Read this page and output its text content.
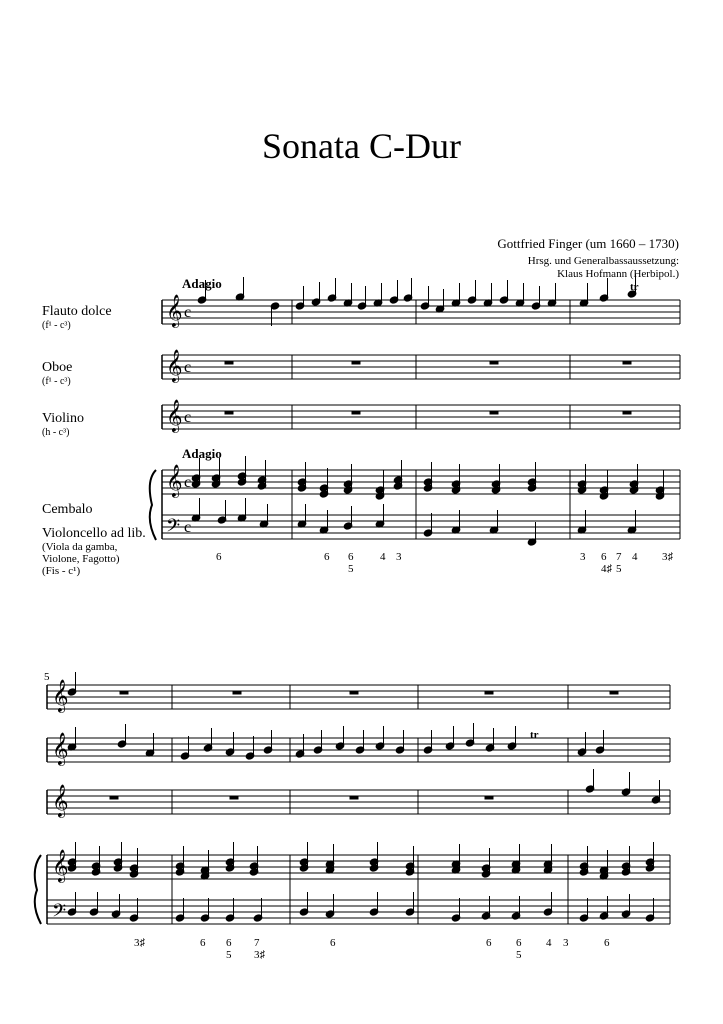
Sonata C-Dur
Gottfried Finger (um 1660 – 1730)
Hrsg. und Generalbassaussetzung:
Klaus Hofmann (Herbipol.)
Flauto dolce
(f¹ - c³)
Oboe
(f¹ - c³)
Violino
(h - c³)
Cembalo
Violoncello ad lib.
(Viola da gamba,
Violone, Fagotto)
(Fis - c¹)
𝄞 c
𝄞 c
𝄞 c
𝄞 c
𝄢 c
Adagio
Adagio
tr
6	6 6
5
4 3	3 6
4♯
7
5
4 3♯
𝄞
𝄞
𝄞
𝄞
𝄢
5
tr
3♯	6 6
5
7
3♯
6	6 6
5
4 3	6
